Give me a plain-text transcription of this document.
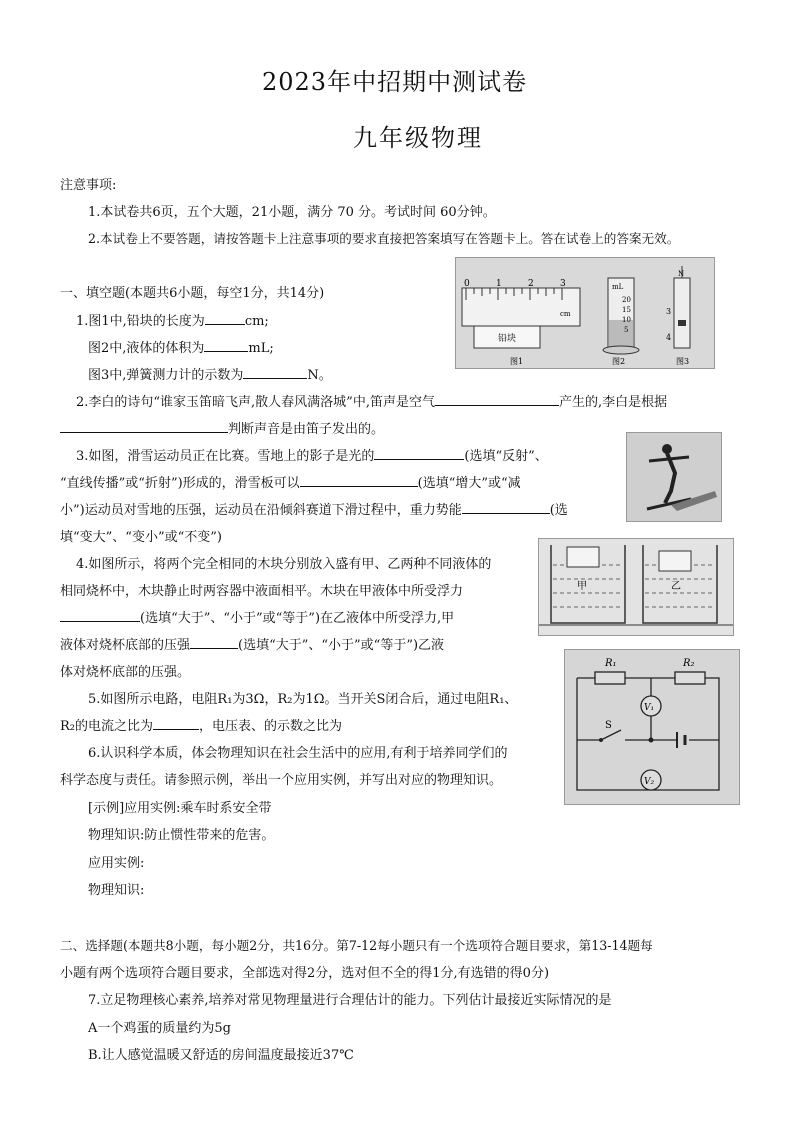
2023年中招期中测试卷
九年级物理
注意事项:
1.本试卷共6页，五个大题，21小题，满分 70 分。考试时间 60分钟。
2.本试卷上不要答题，请按答题卡上注意事项的要求直接把答案填写在答题卡上。答在试卷上的答案无效。
一、填空题(本题共6小题，每空1分，共14分)
1.图1中,铅块的长度为	cm;
图2中,液体的体积为	mL;
图3中,弹簧测力计的示数为	N。
2.李白的诗句“谁家玉笛暗飞声,散人春风满洛城”中,笛声是空气	产生的,李白是根据
判断声音是由笛子发出的。
3.如图，滑雪运动员正在比赛。雪地上的影子是光的	(选填“反射”、
“直线传播”或“折射”)形成的，滑雪板可以	(选填“增大”或“减
小”)运动员对雪地的压强，运动员在沿倾斜赛道下滑过程中，重力势能	(选
填“变大”、“变小”或“不变”)
4.如图所示，将两个完全相同的木块分别放入盛有甲、乙两种不同液体的
相同烧杯中，木块静止时两容器中液面相平。木块在甲液体中所受浮力
(选填“大于”、“小于”或“等于”)在乙液体中所受浮力,甲
液体对烧杯底部的压强	(选填“大于”、“小于”或“等于”)乙液
体对烧杯底部的压强。
5.如图所示电路，电阻R₁为3Ω，R₂为1Ω。当开关S闭合后，通过电阻R₁、
R₂的电流之比为	，电压表、的示数之比为
6.认识科学本质，体会物理知识在社会生活中的应用,有利于培养同学们的
科学态度与责任。请参照示例，举出一个应用实例，并写出对应的物理知识。
[示例]应用实例:乘车时系安全带
物理知识:防止惯性带来的危害。
应用实例:
物理知识:
二、选择题(本题共8小题，每小题2分，共16分。第7-12每小题只有一个选项符合题目要求，第13-14题每
小题有两个选项符合题目要求，全部选对得2分，选对但不全的得1分,有选错的得0分)
7.立足物理核心素养,培养对常见物理量进行合理估计的能力。下列估计最接近实际情况的是
A一个鸡蛋的质量约为5g
B.让人感觉温暖又舒适的房间温度最接近37℃
0	1	2	3
cm
铅块
图1
mL
20
15
10
5
图2
N
3
4
图3
甲	乙
R₁	R₂
V₁
V₂
S
